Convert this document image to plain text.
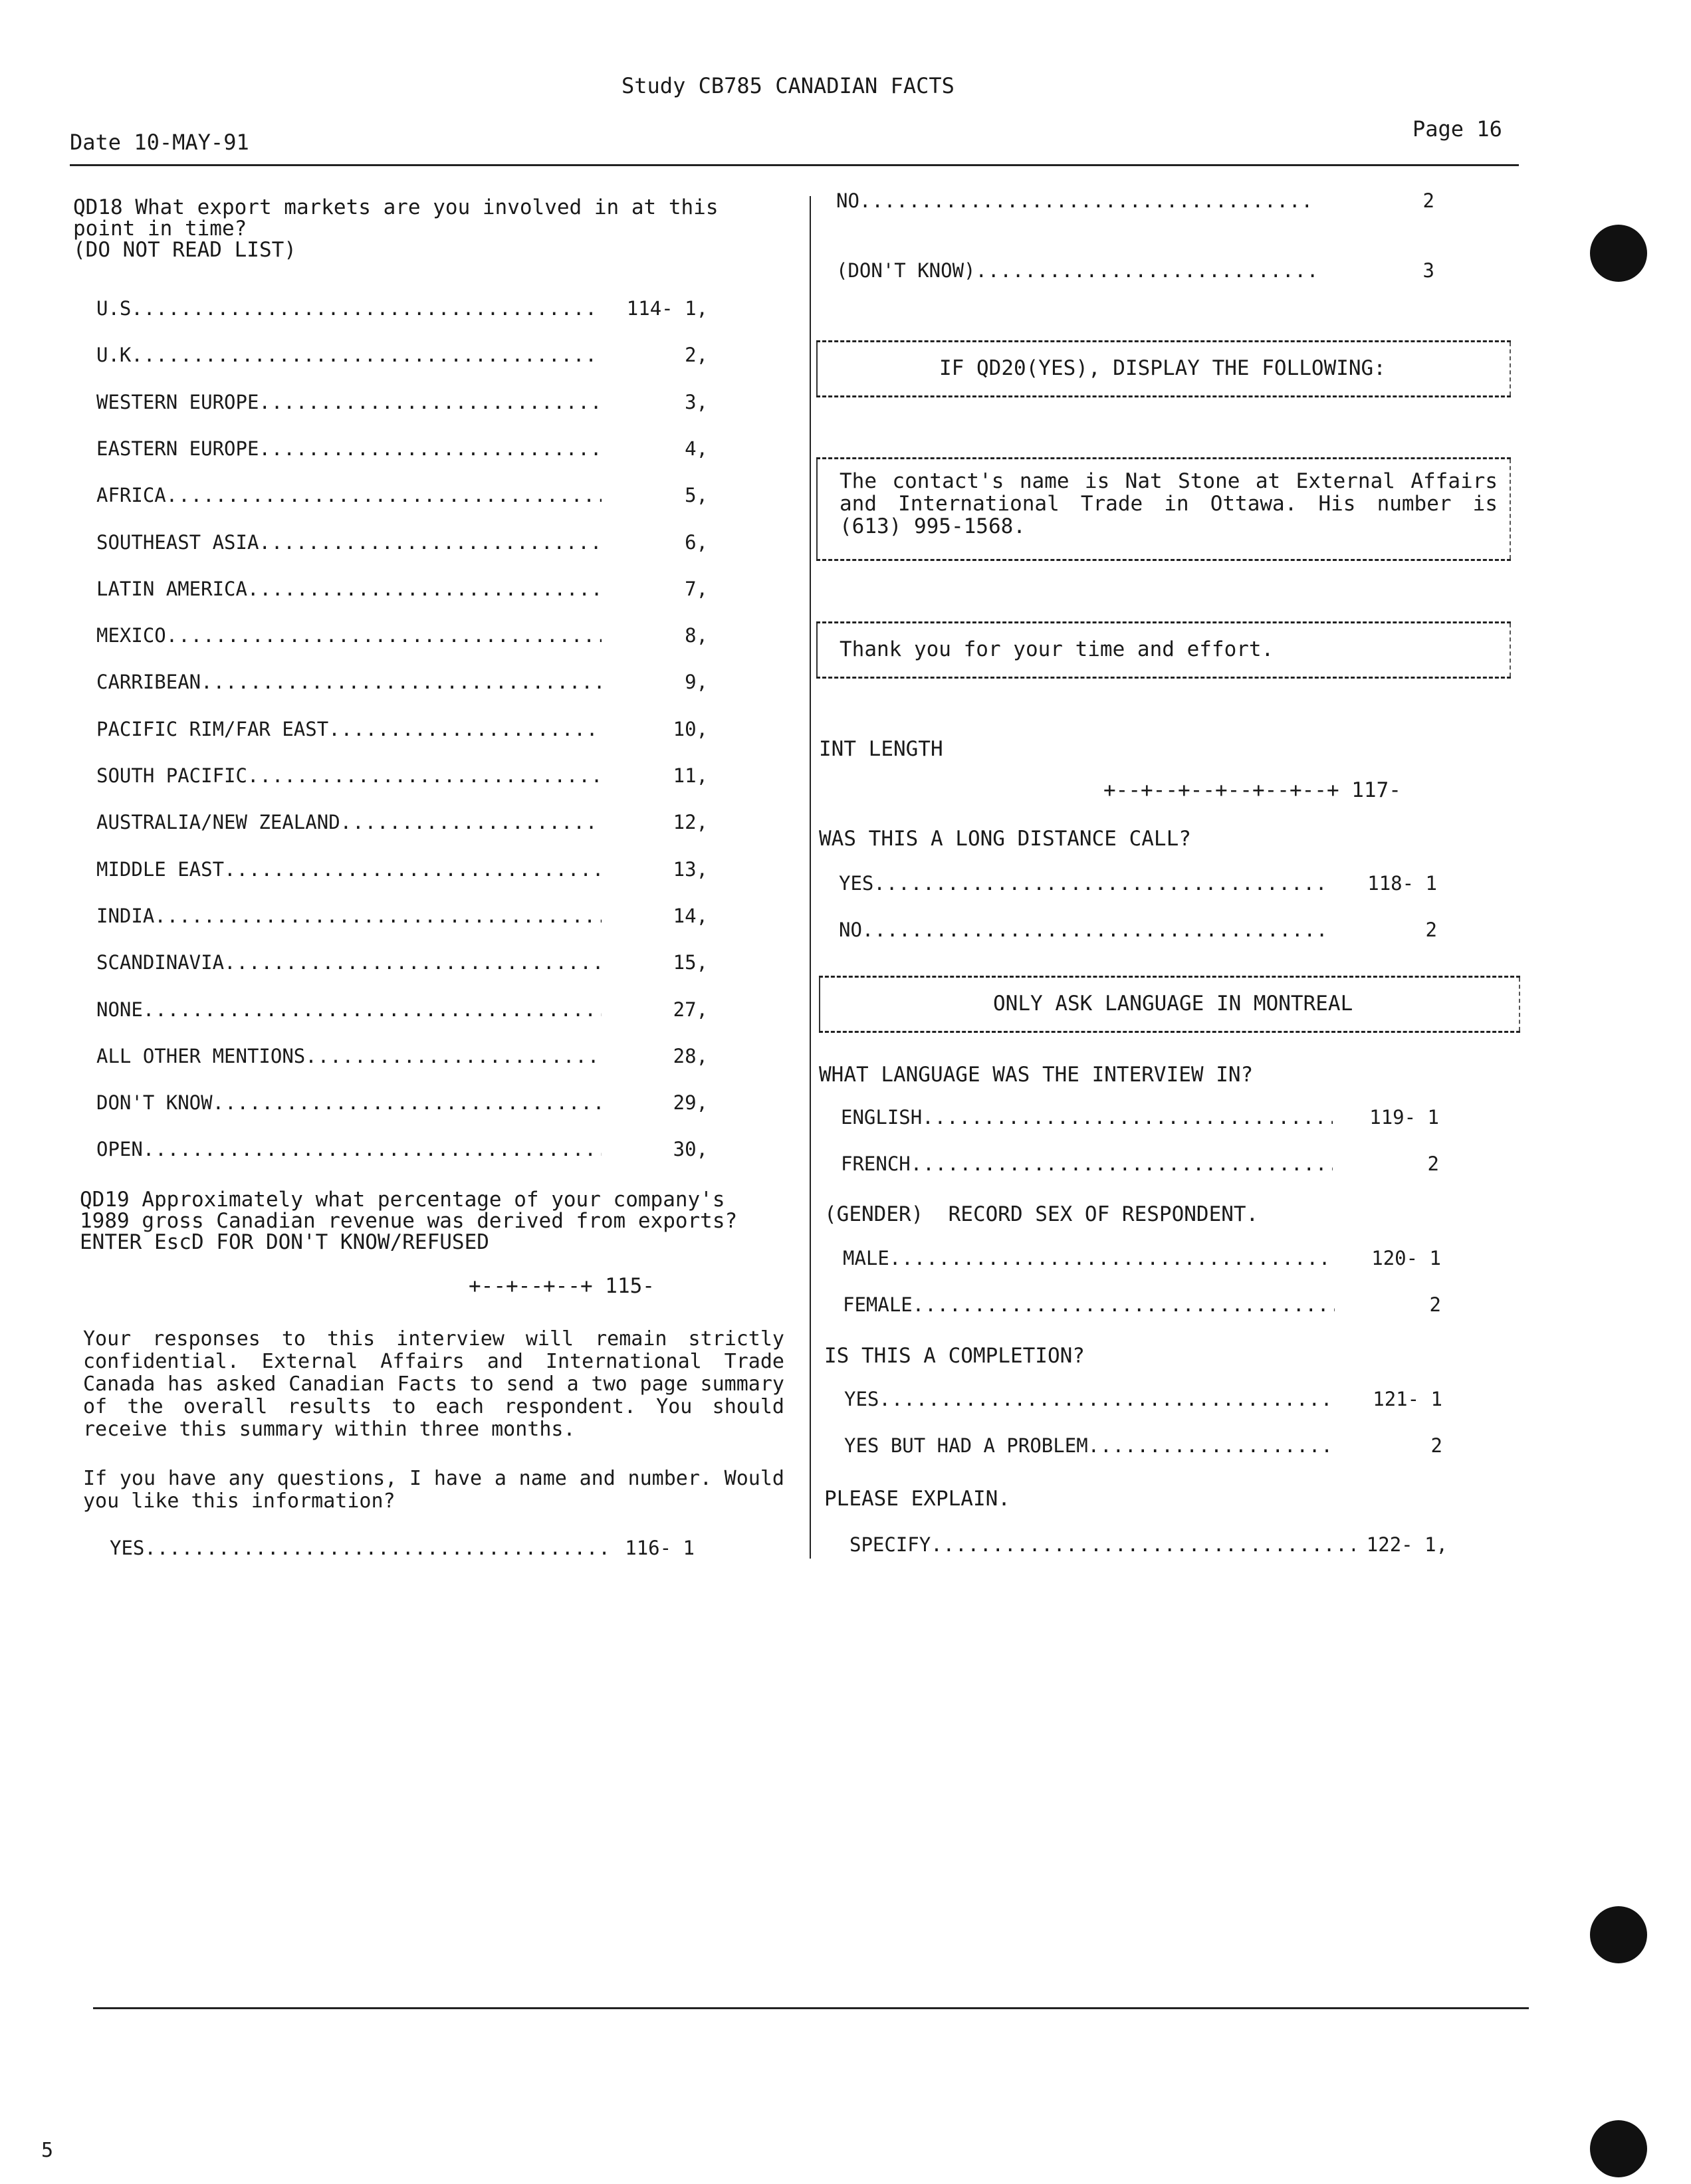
Study CB785 CANADIAN FACTS
Date 10-MAY-91
Page 16
QD18 What export markets are you involved in at this
point in time?
(DO NOT READ LIST)
U.S .....	114- 1,
U.K .....	2,
WESTERN EUROPE .....	3,
EASTERN EUROPE .....	4,
AFRICA .....	5,
SOUTHEAST ASIA .....	6,
LATIN AMERICA .....	7,
MEXICO .....	8,
CARRIBEAN .....	9,
PACIFIC RIM/FAR EAST .....	10,
SOUTH PACIFIC .....	11,
AUSTRALIA/NEW ZEALAND .....	12,
MIDDLE EAST .....	13,
INDIA .....	14,
SCANDINAVIA .....	15,
NONE .....	27,
ALL OTHER MENTIONS .....	28,
DON'T KNOW .....	29,
OPEN .....	30,
QD19 Approximately what percentage of your company's
1989 gross Canadian revenue was derived from exports?
ENTER EscD FOR DON'T KNOW/REFUSED
+--+--+--+ 115-
Your responses to this interview will remain strictly confidential. External Affairs and International Trade Canada has asked Canadian Facts to send a two page summary of the overall results to each respondent. You should receive this summary within three months.
If you have any questions, I have a name and number. Would you like this information?
YES .....	116- 1
NO .....	2
(DON'T KNOW) .....	3
IF QD20(YES), DISPLAY THE FOLLOWING:
The contact's name is Nat Stone at External Affairs and International Trade in Ottawa. His number is (613) 995-1568.
Thank you for your time and effort.
INT LENGTH
+--+--+--+--+--+--+ 117-
WAS THIS A LONG DISTANCE CALL?
YES .....	118- 1
NO .....	2
ONLY ASK LANGUAGE IN MONTREAL
WHAT LANGUAGE WAS THE INTERVIEW IN?
ENGLISH .....	119- 1
FRENCH .....	2
(GENDER)  RECORD SEX OF RESPONDENT.
MALE .....	120- 1
FEMALE .....	2
IS THIS A COMPLETION?
YES .....	121- 1
YES BUT HAD A PROBLEM .....	2
PLEASE EXPLAIN.
SPECIFY .....	122- 1,
5
